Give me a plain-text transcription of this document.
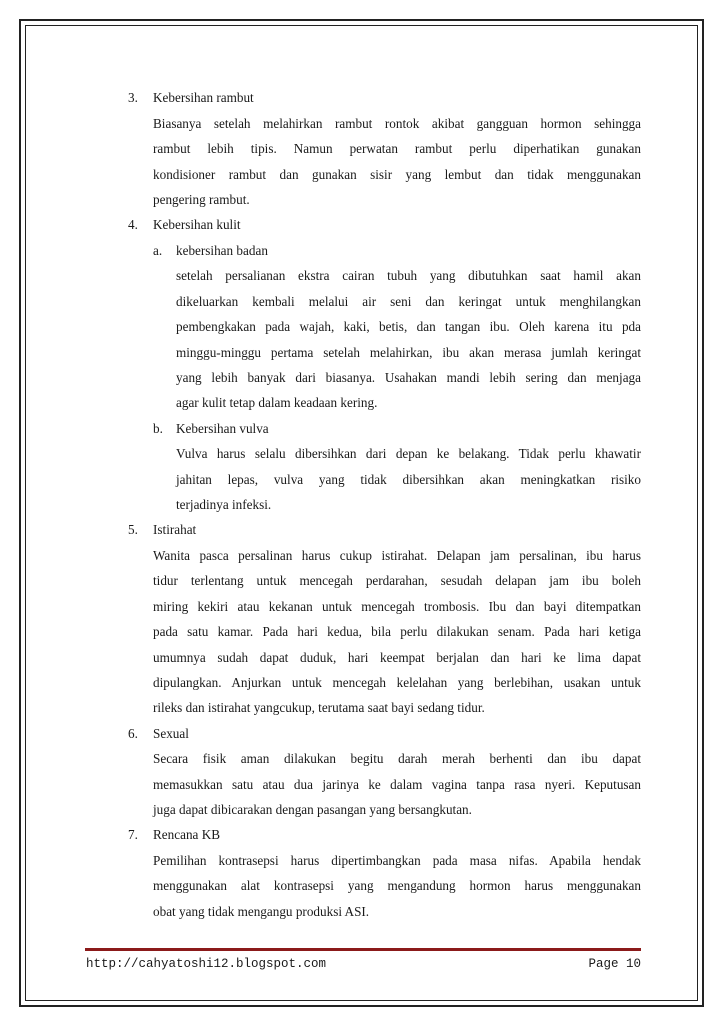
3. Kebersihan rambut
Biasanya setelah melahirkan rambut rontok akibat gangguan hormon sehingga
rambut lebih tipis. Namun perwatan rambut perlu diperhatikan gunakan
kondisioner rambut dan gunakan sisir yang lembut dan tidak menggunakan
pengering rambut.
4. Kebersihan kulit
a. kebersihan badan
setelah persalianan ekstra cairan tubuh yang dibutuhkan saat hamil akan
dikeluarkan kembali melalui air seni dan keringat untuk menghilangkan
pembengkakan pada wajah, kaki, betis, dan tangan ibu. Oleh karena itu pda
minggu-minggu pertama setelah melahirkan, ibu akan merasa jumlah keringat
yang lebih banyak dari biasanya. Usahakan mandi lebih sering dan menjaga
agar kulit tetap dalam keadaan kering.
b. Kebersihan vulva
Vulva harus selalu dibersihkan dari depan ke belakang. Tidak perlu khawatir
jahitan lepas, vulva yang tidak dibersihkan akan meningkatkan risiko
terjadinya infeksi.
5. Istirahat
Wanita pasca persalinan harus cukup istirahat. Delapan jam persalinan, ibu harus
tidur terlentang untuk mencegah perdarahan, sesudah delapan jam ibu boleh
miring kekiri atau kekanan untuk mencegah trombosis. Ibu dan bayi ditempatkan
pada satu kamar. Pada hari kedua, bila perlu dilakukan senam. Pada hari ketiga
umumnya sudah dapat duduk, hari keempat berjalan dan hari ke lima dapat
dipulangkan. Anjurkan untuk mencegah kelelahan yang berlebihan, usakan untuk
rileks dan istirahat yangcukup, terutama saat bayi sedang tidur.
6. Sexual
Secara fisik aman dilakukan begitu darah merah berhenti dan ibu dapat
memasukkan satu atau dua jarinya ke dalam vagina tanpa rasa nyeri. Keputusan
juga dapat dibicarakan dengan pasangan yang bersangkutan.
7. Rencana KB
Pemilihan kontrasepsi harus dipertimbangkan pada masa nifas. Apabila hendak
menggunakan alat kontrasepsi yang mengandung hormon harus menggunakan
obat yang tidak mengangu produksi ASI.
http://cahyatoshi12.blogspot.com	Page 10
